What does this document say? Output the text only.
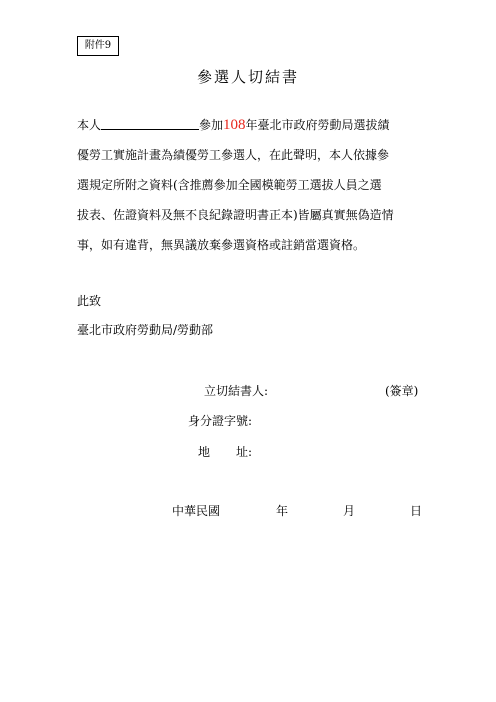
附件9
參選人切結書
本人	參加108年臺北市政府勞動局選拔績
優勞工實施計畫為績優勞工參選人，在此聲明，本人依據參
選規定所附之資料(含推薦參加全國模範勞工選拔人員之選
拔表、佐證資料及無不良紀錄證明書正本)皆屬真實無偽造情
事，如有違背，無異議放棄參選資格或註銷當選資格。
此致
臺北市政府勞動局/勞動部
立切結書人:	(簽章)
身分證字號:
地 址:
中華民國	年	月	日
